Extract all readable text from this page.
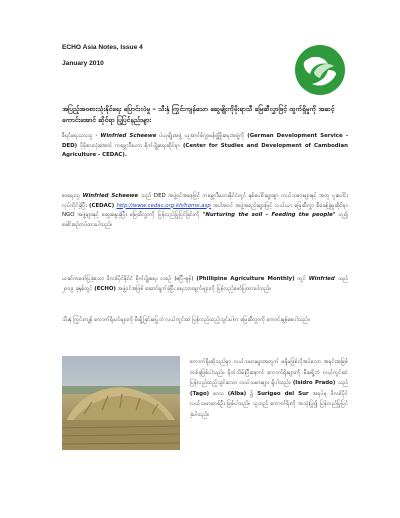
ECHO Asia Notes, Issue 4
January 2010
အပြည့်အဝစားသုံးနိုင်ရေး ပြောင်းလဲမှု – သီးနှံ ကြွင်းကျန်သော ဆွေမျိုးကိုမိုးရာသီ မြေဆီလွှာဖြင့် ထွက်ရှိမှုကို အဆင့်ကောင်းအောင် ဆိုင်ရာ ပြုပြင်နည်းများ
စီရင်ရေးသားသူ - Winfried Scheewe ပဲယုမျိုးအဖွဲ့ ယူအက်စ်ဂျာမန်ဖွံ့ဖြိုးရေးအဖွဲ့ကို (German Development Service - DED) ပိုမိုစားလုံးအောင် ကမ္ဘောဒီးယား စိုက်ပျိုးရေးဆိုင်ရာ (Center for Studies and Development of Cambodian Agriculture - CEDAC).
စာရေးသူ Winfried Scheewe သည် DED အဖွဲ့ဝင်အနေဖြင့် ကမ္ဘောဒီးယားနိုင်ငံတွင် နှစ်ပေါင်းများစွာ လယ်သမားများနှင့် အတူ ပူးပေါင်းလုပ်ကိုင်ခဲ့ပြီး (CEDAC) http://www.cedac.org.kh/home.asp အပါအဝင် အဖွဲ့အစည်းများဖြင့် လယ်ယာ မြေဆီလွှာ စီမံခန့်ခွဲမှုဆိုင်ရာ NGO အဖွဲ့များနှင့် ဆွေးနွေးခဲ့ပြီး မြေဆီလွှာကို ပြန်လည်ပြုပြင်ခြင်းကို "Nurturing the soil – Feeding the people" ဟူ၍ ခေါင်းစဉ်တပ်ထားပါသည်။
ယခင်ကဖော်ပြခဲ့သော ဖိလစ်ပိုင်နိုင်ငံ စိုက်ပျိုးရေး လစဉ် (ဧပြီ-ဇွန်) (Phillipine Agriculture Monthly) တွင် Winfried သည် ၂၀၀၉ ခုနှစ်တွင် (ECHO) အဖွဲ့ဝင်အဖြစ် ဆောင်ရွက်ခဲ့ပြီး ရေးသားချက်များကို ပြန်လည်ဖော်ပြထားပါသည်။
သီးနှံ ကြွင်းကျန် ကောက်ရိုးပင်များကို မီးရှို့ခြင်းမပြုဘဲ လယ်ကွင်းထဲ ပြန်လည်ထည့်သွင်းပါက မြေဆီလွှာကို ကောင်းမွန်စေပါသည်။
ကောက်ရိုးဆိုသည်မှာ လယ်သမားများအတွက် မရှိမဖြစ်လိုအပ်သော အရင်းအမြစ်တစ်ခုဖြစ်ပါသည်။ ရိတ်သိမ်းပြီးနောက် ကောက်ရိုးများကို မီးမရှို့ဘဲ လယ်ကွင်းထဲ ပြန်လည်ထည့်သွင်းသော လယ်သမားများ ရှိပါသည်။ (Isidro Prado) သည် (Tago) ဒေသ (Alba) ၌ Surigao del Sur အရပ်မှ ဖိလစ်ပိုင်လယ်သမားတစ်ဦး ဖြစ်ပါသည်။ သူသည် ကောက်ရိုးကို အသုံးပြု၍ ပြန်လည်ပြုပြင်ခဲ့ပါသည်။
